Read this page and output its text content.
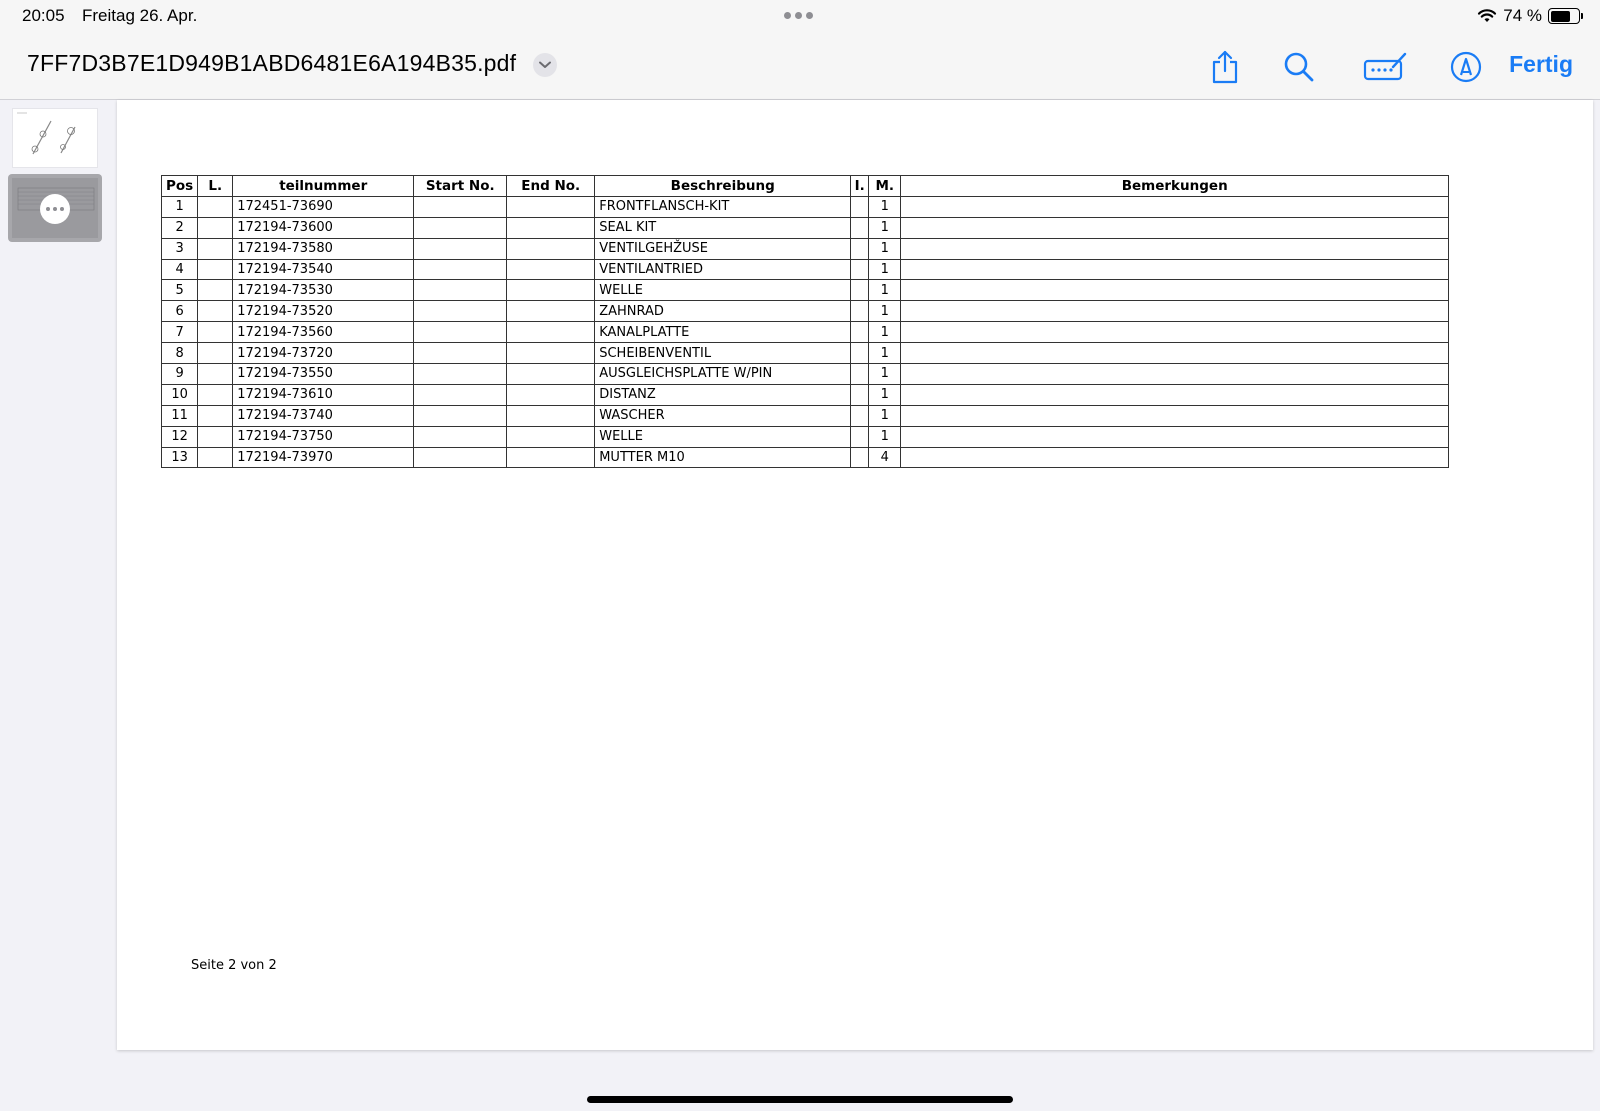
20:05 Freitag 26. Apr.	74 %
7FF7D3B7E1D949B1ABD6481E6A194B35.pdf	Fertig
Pos	L.	teilnummer	Start No.	End No.	Beschreibung	I.	M.	Bemerkungen
1		172451-73690			FRONTFLANSCH-KIT		1	
2		172194-73600			SEAL KIT		1	
3		172194-73580			VENTILGEHŽUSE		1	
4		172194-73540			VENTILANTRIED		1	
5		172194-73530			WELLE		1	
6		172194-73520			ZAHNRAD		1	
7		172194-73560			KANALPLATTE		1	
8		172194-73720			SCHEIBENVENTIL		1	
9		172194-73550			AUSGLEICHSPLATTE W/PIN		1	
10		172194-73610			DISTANZ		1	
11		172194-73740			WASCHER		1	
12		172194-73750			WELLE		1	
13		172194-73970			MUTTER M10		4	
Seite 2 von 2
